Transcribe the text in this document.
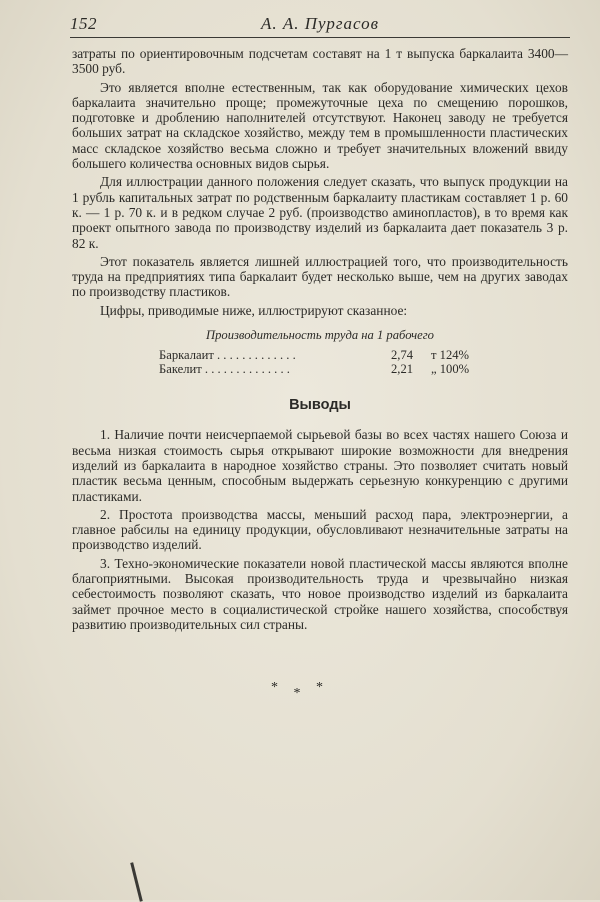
152	А. А. Пургасов

затраты по ориентировочным подсчетам составят на 1 т выпуска баркалаита 3400—3500 руб.

Это является вполне естественным, так как оборудование химических цехов баркалаита значительно проще; промежуточные цеха по смещению порошков, подготовке и дроблению наполнителей отсутствуют. Наконец заводу не требуется больших затрат на складское хозяйство, между тем в промышленности пластических масс складское хозяйство весьма сложно и требует значительных вложений ввиду большего количества основных видов сырья.

Для иллюстрации данного положения следует сказать, что выпуск продукции на 1 рубль капитальных затрат по родственным баркалаиту пластикам составляет 1 р. 60 к. — 1 р. 70 к. и в редком случае 2 руб. (производство аминопластов), в то время как проект опытного завода по производству изделий из баркалаита дает показатель 3 р. 82 к.

Этот показатель является лишней иллюстрацией того, что производительность труда на предприятиях типа баркалаит будет несколько выше, чем на других заводах по производству пластиков.

Цифры, приводимые ниже, иллюстрируют сказанное:

Производительность труда на 1 рабочего
Баркалаит . . . . . . . . . . . . .	2,74	т 124%
Бакелит . . . . . . . . . . . . . .	2,21	„ 100%
Выводы

1. Наличие почти неисчерпаемой сырьевой базы во всех частях нашего Союза и весьма низкая стоимость сырья открывают широкие возможности для внедрения изделий из баркалаита в народное хозяйство страны. Это позволяет считать новый пластик весьма ценным, способным выдержать серьезную конкуренцию с другими пластиками.

2. Простота производства массы, меньший расход пара, электроэнергии, а главное рабсилы на единицу продукции, обусловливают незначительные затраты на производство изделий.

3. Техно-экономические показатели новой пластической массы являются вполне благоприятными. Высокая производительность труда и чрезвычайно низкая себестоимость позволяют сказать, что новое производство изделий из баркалаита займет прочное место в социалистической стройке нашего хозяйства, способствуя развитию производительных сил страны.

* * *
